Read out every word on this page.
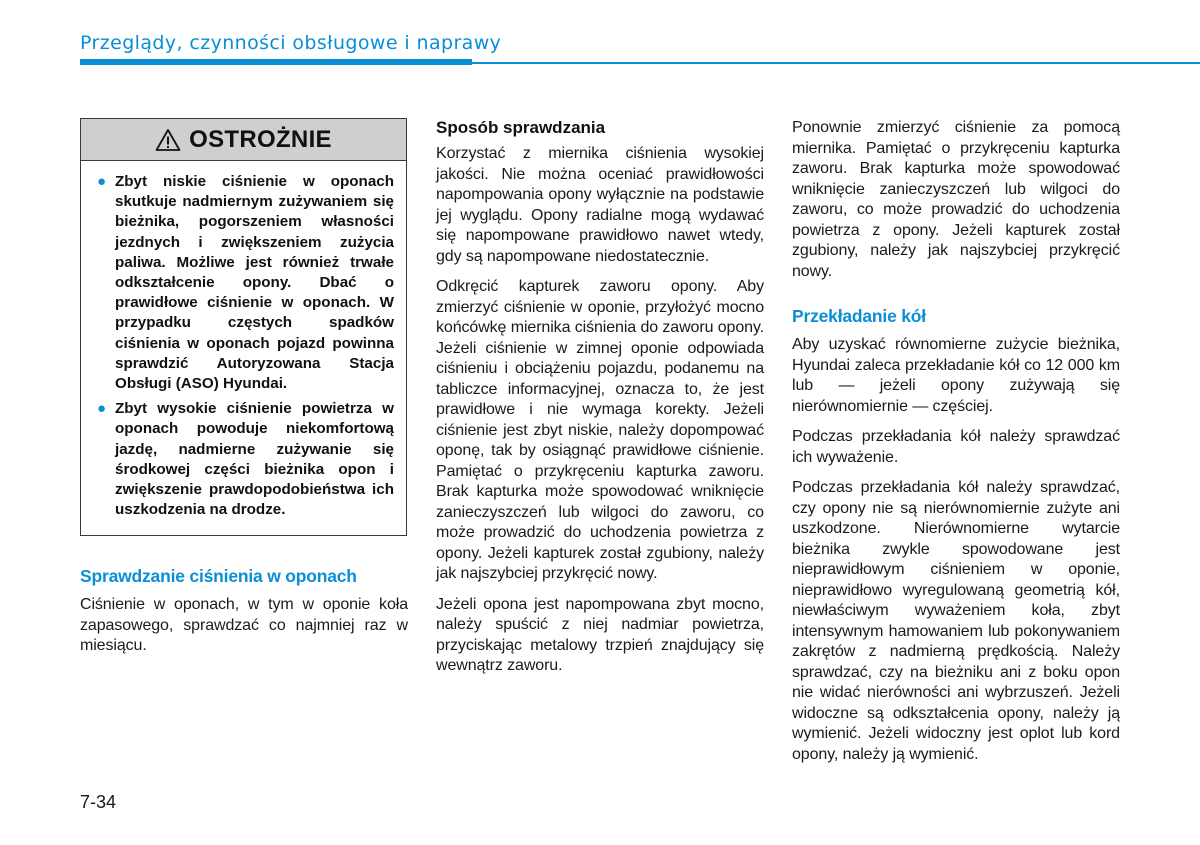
Przeglądy, czynności obsługowe i naprawy
OSTROŻNIE
● Zbyt niskie ciśnienie w oponach skutkuje nadmiernym zużywaniem się bieżnika, pogorszeniem własności jezdnych i zwiększeniem zużycia paliwa. Możliwe jest również trwałe odkształcenie opony. Dbać o prawidłowe ciśnienie w oponach. W przypadku częstych spadków ciśnienia w oponach pojazd powinna sprawdzić Autoryzowana Stacja Obsługi (ASO) Hyundai.
● Zbyt wysokie ciśnienie powietrza w oponach powoduje niekomfortową jazdę, nadmierne zużywanie się środkowej części bieżnika opon i zwiększenie prawdopodobieństwa ich uszkodzenia na drodze.
Sprawdzanie ciśnienia w oponach

Ciśnienie w oponach, w tym w oponie koła zapasowego, sprawdzać co najmniej raz w miesiącu.

Sposób sprawdzania

Korzystać z miernika ciśnienia wysokiej jakości. Nie można oceniać prawidłowości napompowania opony wyłącznie na podstawie jej wyglądu. Opony radialne mogą wydawać się napompowane prawidłowo nawet wtedy, gdy są napompowane niedostatecznie.

Odkręcić kapturek zaworu opony. Aby zmierzyć ciśnienie w oponie, przyłożyć mocno końcówkę miernika ciśnienia do zaworu opony. Jeżeli ciśnienie w zimnej oponie odpowiada ciśnieniu i obciążeniu pojazdu, podanemu na tabliczce informacyjnej, oznacza to, że jest prawidłowe i nie wymaga korekty. Jeżeli ciśnienie jest zbyt niskie, należy dopompować oponę, tak by osiągnąć prawidłowe ciśnienie. Pamiętać o przykręceniu kapturka zaworu. Brak kapturka może spowodować wniknięcie zanieczyszczeń lub wilgoci do zaworu, co może prowadzić do uchodzenia powietrza z opony. Jeżeli kapturek został zgubiony, należy jak najszybciej przykręcić nowy.

Jeżeli opona jest napompowana zbyt mocno, należy spuścić z niej nadmiar powietrza, przyciskając metalowy trzpień znajdujący się wewnątrz zaworu.

Ponownie zmierzyć ciśnienie za pomocą miernika. Pamiętać o przykręceniu kapturka zaworu. Brak kapturka może spowodować wniknięcie zanieczyszczeń lub wilgoci do zaworu, co może prowadzić do uchodzenia powietrza z opony. Jeżeli kapturek został zgubiony, należy jak najszybciej przykręcić nowy.

Przekładanie kół

Aby uzyskać równomierne zużycie bieżnika, Hyundai zaleca przekładanie kół co 12 000 km lub — jeżeli opony zużywają się nierównomiernie — częściej.

Podczas przekładania kół należy sprawdzać ich wyważenie.

Podczas przekładania kół należy sprawdzać, czy opony nie są nierównomiernie zużyte ani uszkodzone. Nierównomierne wytarcie bieżnika zwykle spowodowane jest nieprawidłowym ciśnieniem w oponie, nieprawidłowo wyregulowaną geometrią kół, niewłaściwym wyważeniem koła, zbyt intensywnym hamowaniem lub pokonywaniem zakrętów z nadmierną prędkością. Należy sprawdzać, czy na bieżniku ani z boku opon nie widać nierówności ani wybrzuszeń. Jeżeli widoczne są odkształcenia opony, należy ją wymienić. Jeżeli widoczny jest oplot lub kord opony, należy ją wymienić.

7-34
